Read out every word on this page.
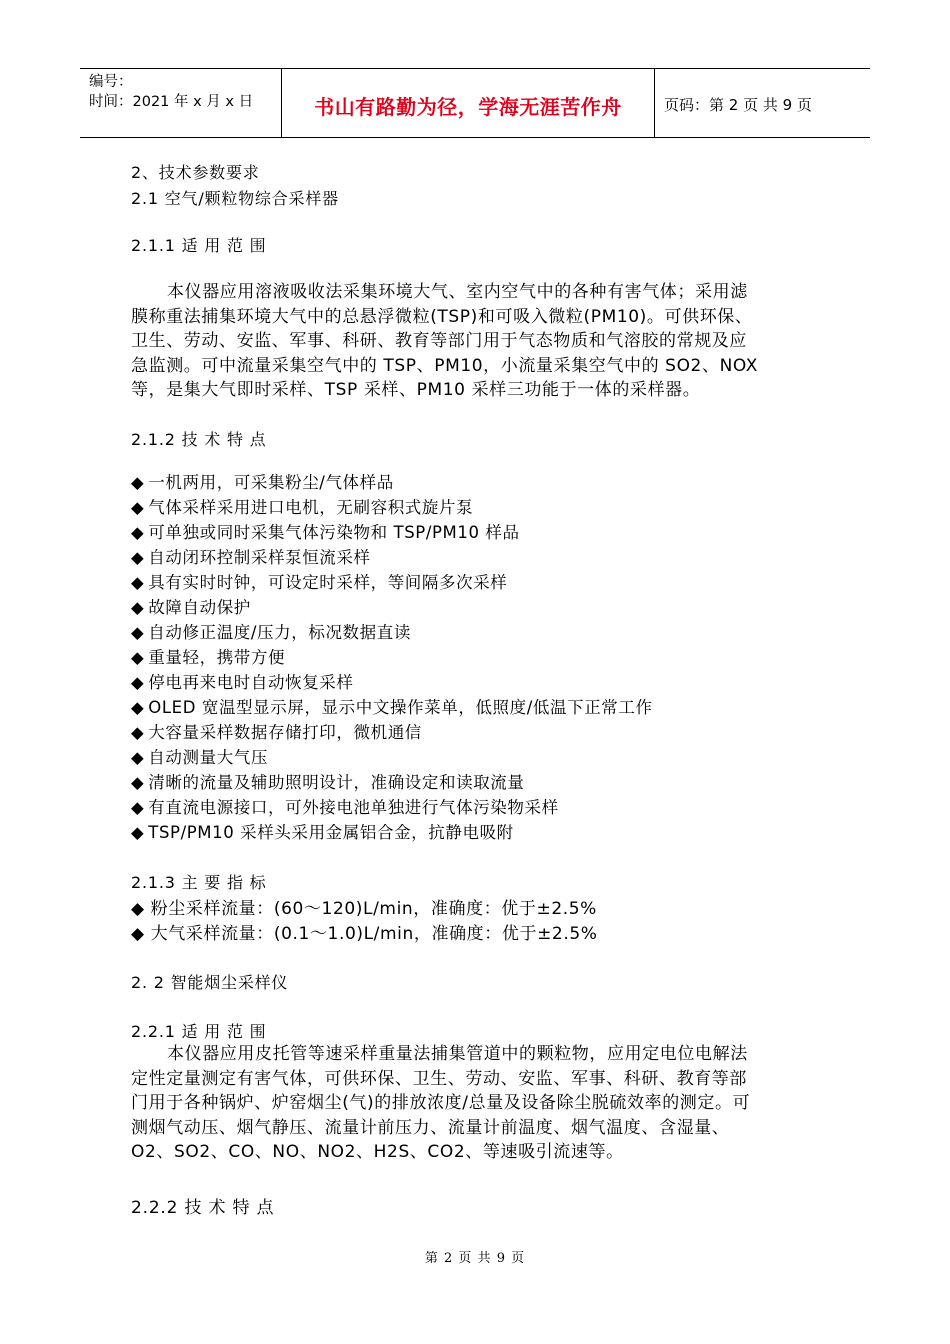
编号：
时间：2021 年 x 月 x 日	书山有路勤为径，学海无涯苦作舟	页码：第 2 页 共 9 页
2、技术参数要求
2.1 空气/颗粒物综合采样器
2.1.1 适 用 范 围

本仪器应用溶液吸收法采集环境大气、室内空气中的各种有害气体；采用滤
膜称重法捕集环境大气中的总悬浮微粒(TSP)和可吸入微粒(PM10)。可供环保、
卫生、劳动、安监、军事、科研、教育等部门用于气态物质和气溶胶的常规及应
急监测。可中流量采集空气中的 TSP、PM10，小流量采集空气中的 SO2、NOX
等，是集大气即时采样、TSP 采样、PM10 采样三功能于一体的采样器。

2.1.2 技 术 特 点
◆ 一机两用，可采集粉尘/气体样品
◆ 气体采样采用进口电机，无刷容积式旋片泵
◆ 可单独或同时采集气体污染物和 TSP/PM10 样品
◆ 自动闭环控制采样泵恒流采样
◆ 具有实时时钟，可设定时采样，等间隔多次采样
◆ 故障自动保护
◆ 自动修正温度/压力，标况数据直读
◆ 重量轻，携带方便
◆ 停电再来电时自动恢复采样
◆ OLED 宽温型显示屏，显示中文操作菜单，低照度/低温下正常工作
◆ 大容量采样数据存储打印，微机通信
◆ 自动测量大气压
◆ 清晰的流量及辅助照明设计，准确设定和读取流量
◆ 有直流电源接口，可外接电池单独进行气体污染物采样
◆ TSP/PM10 采样头采用金属铝合金，抗静电吸附
2.1.3 主 要 指 标
◆ 粉尘采样流量：(60～120)L/min，准确度：优于±2.5%
◆ 大气采样流量：(0.1～1.0)L/min，准确度：优于±2.5%
2. 2 智能烟尘采样仪
2.2.1 适 用 范 围

本仪器应用皮托管等速采样重量法捕集管道中的颗粒物，应用定电位电解法
定性定量测定有害气体，可供环保、卫生、劳动、安监、军事、科研、教育等部
门用于各种锅炉、炉窑烟尘(气)的排放浓度/总量及设备除尘脱硫效率的测定。可
测烟气动压、烟气静压、流量计前压力、流量计前温度、烟气温度、含湿量、
O2、SO2、CO、NO、NO2、H2S、CO2、等速吸引流速等。

2.2.2 技 术 特 点
第 2 页 共 9 页
